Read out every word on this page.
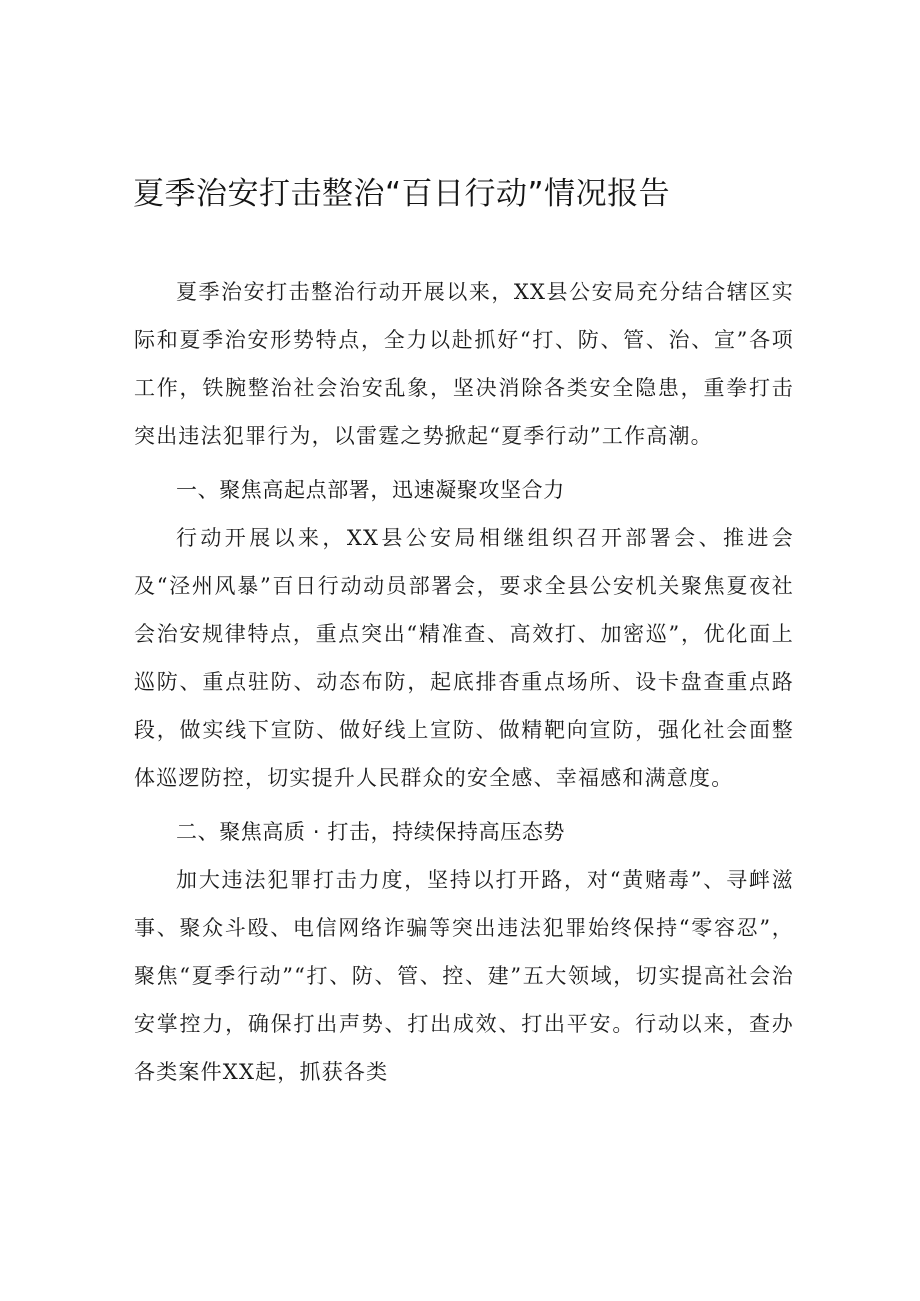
夏季治安打击整治“百日行动”情况报告

夏季治安打击整治行动开展以来，XX县公安局充分结合辖区实际和夏季治安形势特点，全力以赴抓好“打、防、管、治、宣”各项工作，铁腕整治社会治安乱象，坚决消除各类安全隐患，重拳打击突出违法犯罪行为，以雷霆之势掀起“夏季行动”工作高潮。

一、聚焦高起点部署，迅速凝聚攻坚合力

行动开展以来，XX县公安局相继组织召开部署会、推进会及“泾州风暴”百日行动动员部署会，要求全县公安机关聚焦夏夜社会治安规律特点，重点突出“精准查、高效打、加密巡”，优化面上巡防、重点驻防、动态布防，起底排杳重点场所、设卡盘查重点路段，做实线下宣防、做好线上宣防、做精靶向宣防，强化社会面整体巡逻防控，切实提升人民群众的安全感、幸福感和满意度。

二、聚焦高质 · 打击，持续保持高压态势

加大违法犯罪打击力度，坚持以打开路，对“黄赌毒”、寻衅滋事、聚众斗殴、电信网络诈骗等突出违法犯罪始终保持“零容忍”，聚焦“夏季行动”“打、防、管、控、建”五大领域，切实提高社会治安掌控力，确保打出声势、打出成效、打出平安。行动以来，查办各类案件XX起，抓获各类
